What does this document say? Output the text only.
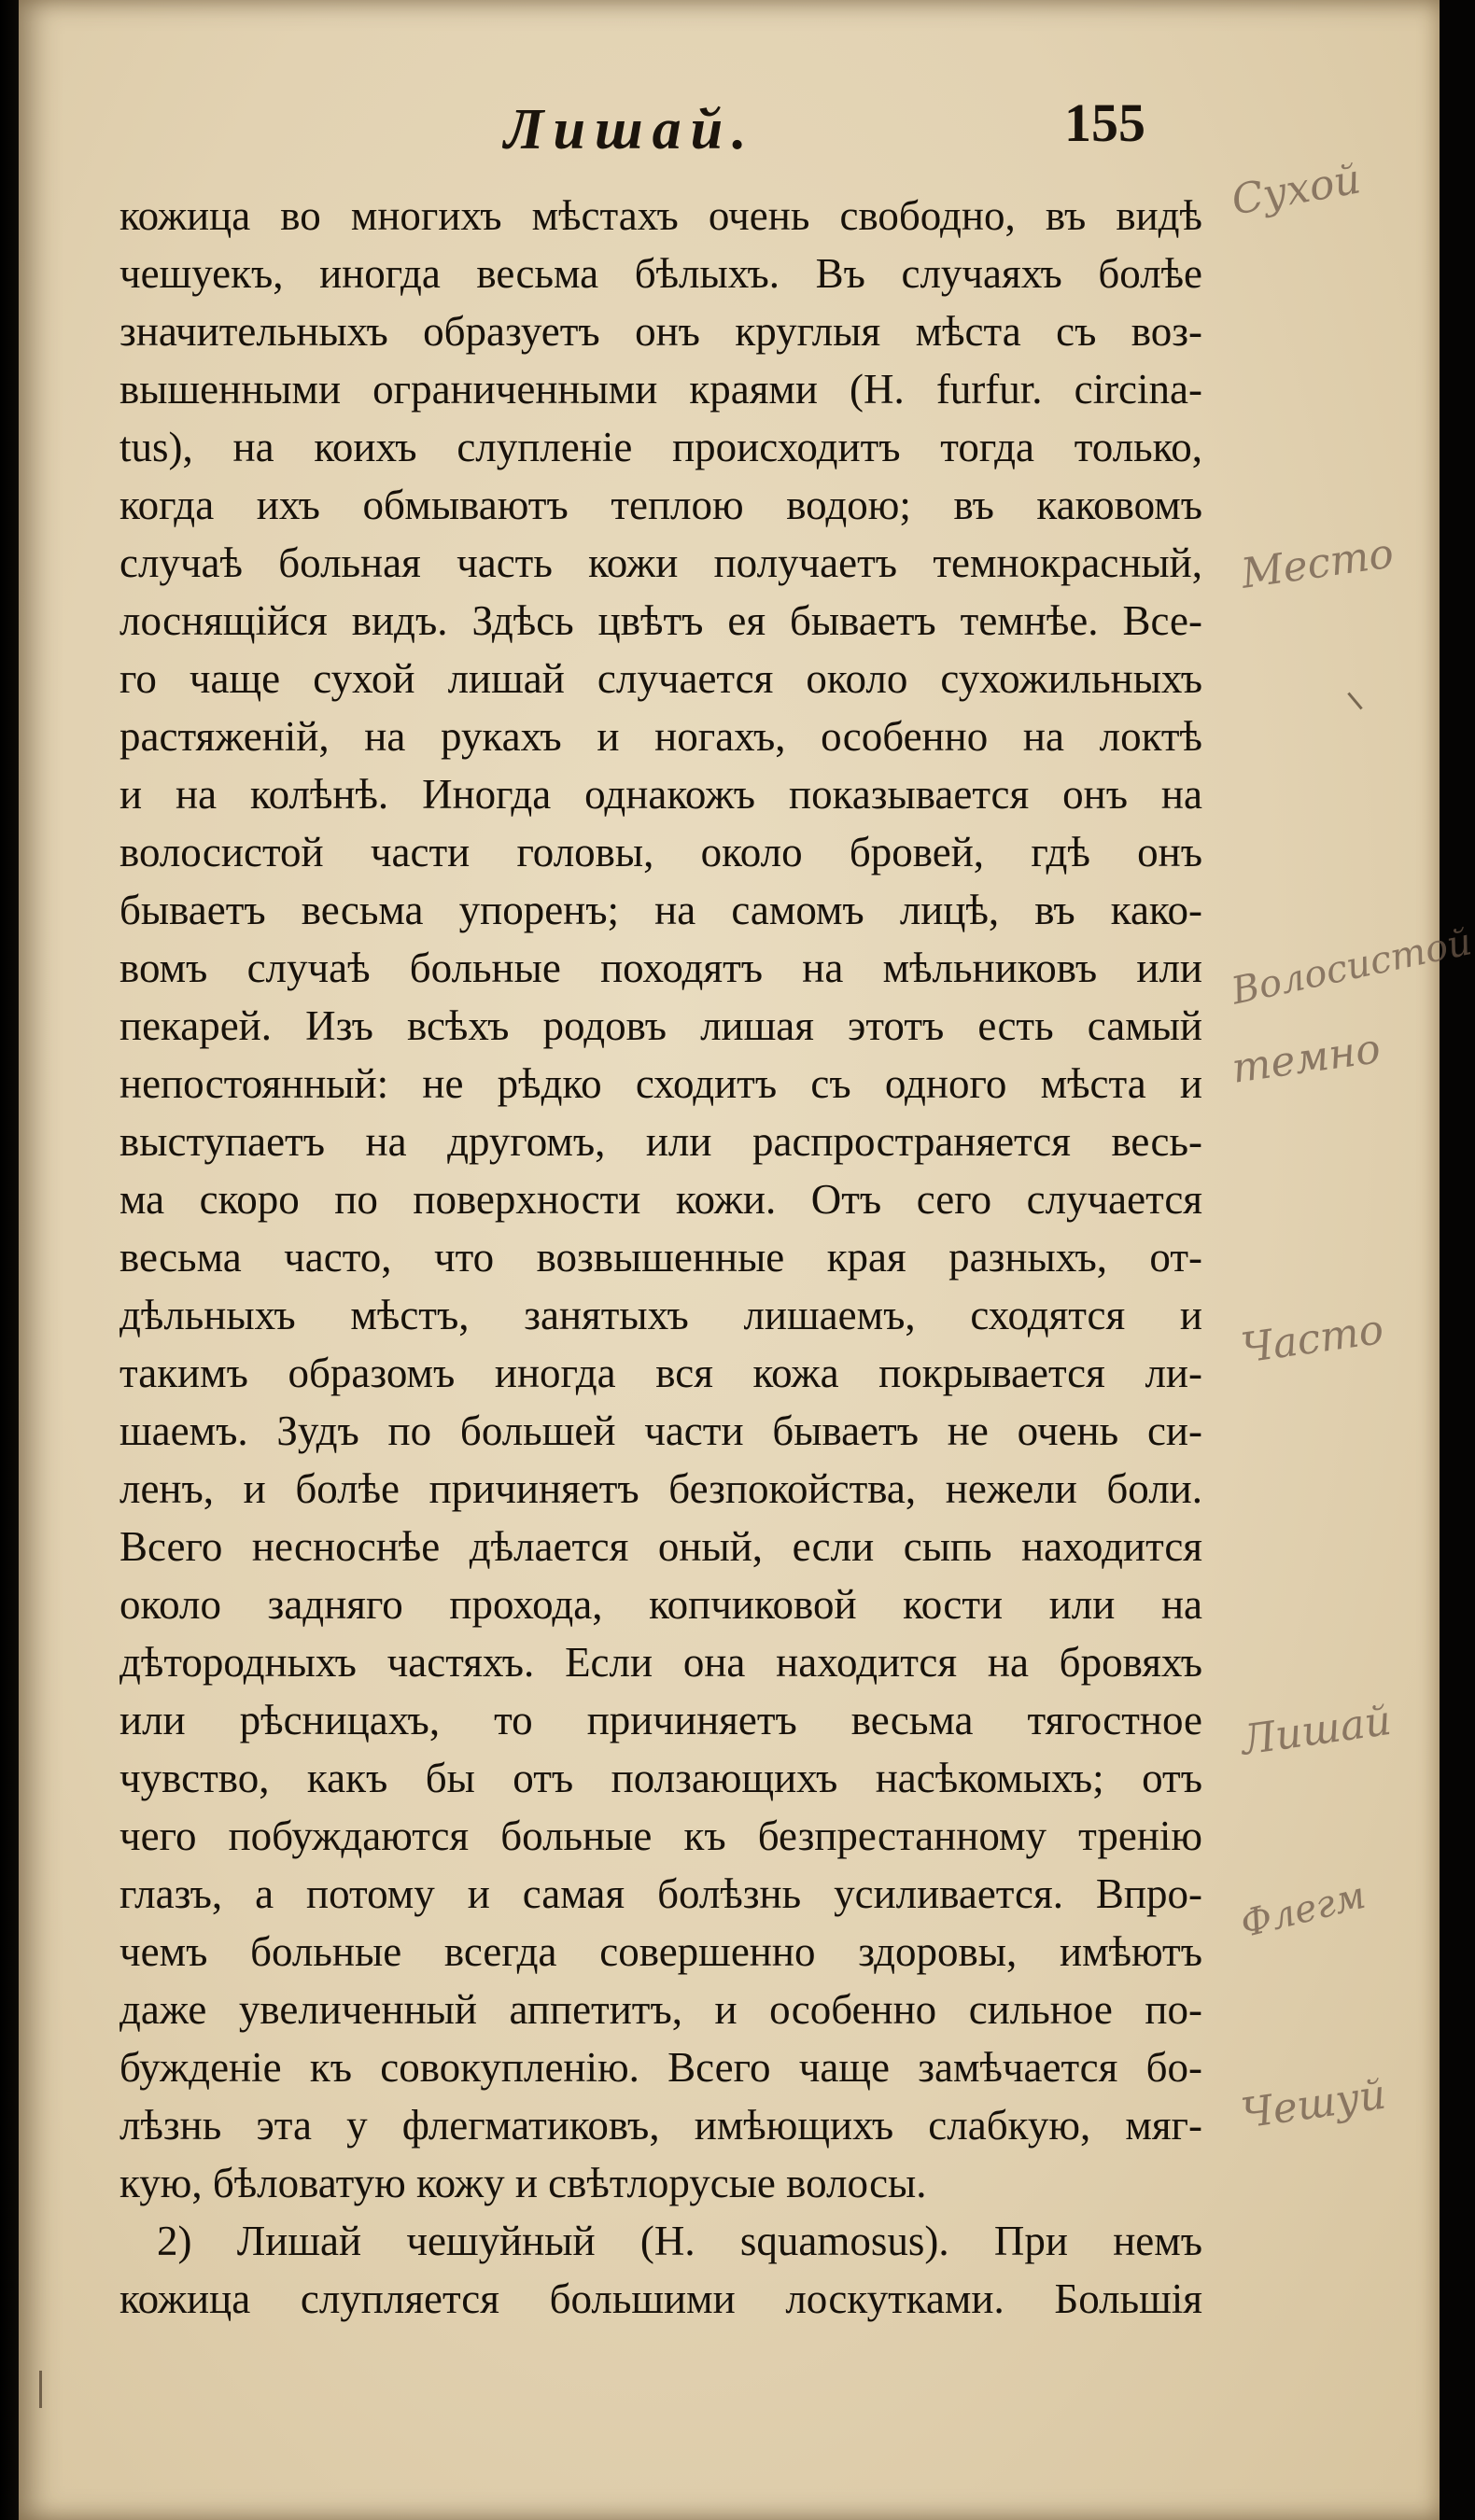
Лишай.	155
кожица во многихъ мѣстахъ очень свободно, въ видѣ
чешуекъ, иногда весьма бѣлыхъ. Въ случаяхъ болѣе
значительныхъ образуетъ онъ круглыя мѣста съ воз-
вышенными ограниченными краями (H. furfur. circina-
tus), на коихъ слупленіе происходитъ тогда только,
когда ихъ обмываютъ теплою водою; въ каковомъ
случаѣ больная часть кожи получаетъ темнокрасный,
лоснящійся видъ. Здѣсь цвѣтъ ея бываетъ темнѣе. Все-
го чаще сухой лишай случается около сухожильныхъ
растяженій, на рукахъ и ногахъ, особенно на локтѣ
и на колѣнѣ. Иногда однакожъ показывается онъ на
волосистой части головы, около бровей, гдѣ онъ
бываетъ весьма упоренъ; на самомъ лицѣ, въ како-
вомъ случаѣ больные походятъ на мѣльниковъ или
пекарей. Изъ всѣхъ родовъ лишая этотъ есть самый
непостоянный: не рѣдко сходитъ съ одного мѣста и
выступаетъ на другомъ, или распространяется весь-
ма скоро по поверхности кожи. Отъ сего случается
весьма часто, что возвышенные края разныхъ, от-
дѣльныхъ мѣстъ, занятыхъ лишаемъ, сходятся и
такимъ образомъ иногда вся кожа покрывается ли-
шаемъ. Зудъ по большей части бываетъ не очень си-
ленъ, и болѣе причиняетъ безпокойства, нежели боли.
Всего несноснѣе дѣлается оный, если сыпь находится
около задняго прохода, копчиковой кости или на
дѣтородныхъ частяхъ. Если она находится на бровяхъ
или рѣсницахъ, то причиняетъ весьма тягостное
чувство, какъ бы отъ ползающихъ насѣкомыхъ; отъ
чего побуждаются больные къ безпрестанному тренію
глазъ, а потому и самая болѣзнь усиливается. Впро-
чемъ больные всегда совершенно здоровы, имѣютъ
даже увеличенный аппетитъ, и особенно сильное по-
бужденіе къ совокупленію. Всего чаще замѣчается бо-
лѣзнь эта у флегматиковъ, имѣющихъ слабкую, мяг-
кую, бѣловатую кожу и свѣтлорусые волосы.
2) Лишай чешуйный (H. squamosus). При немъ
кожица слупляется большими лоскутками. Большія
Сухой
Место
Волосистой
темно
Часто
Лишай
Флегм
Чешуй
